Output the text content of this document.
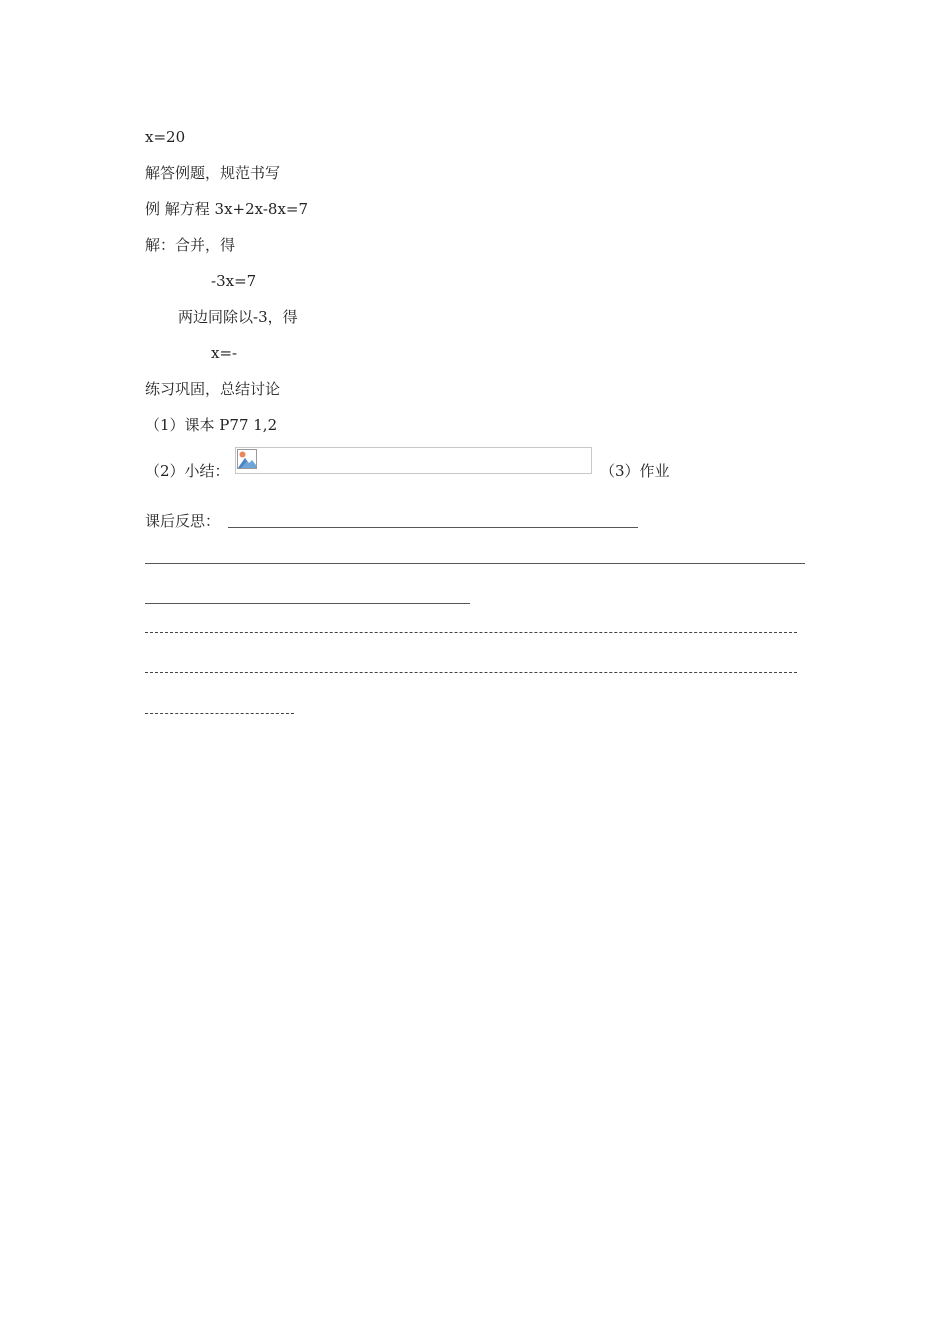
x=20

解答例题，规范书写

例 解方程 3x+2x-8x=7

解：合并，得

-3x=7

两边同除以-3，得

x=-

练习巩固，总结讨论

（1）课本 P77 1,2

（2）小结：	（3）作业

课后反思：
